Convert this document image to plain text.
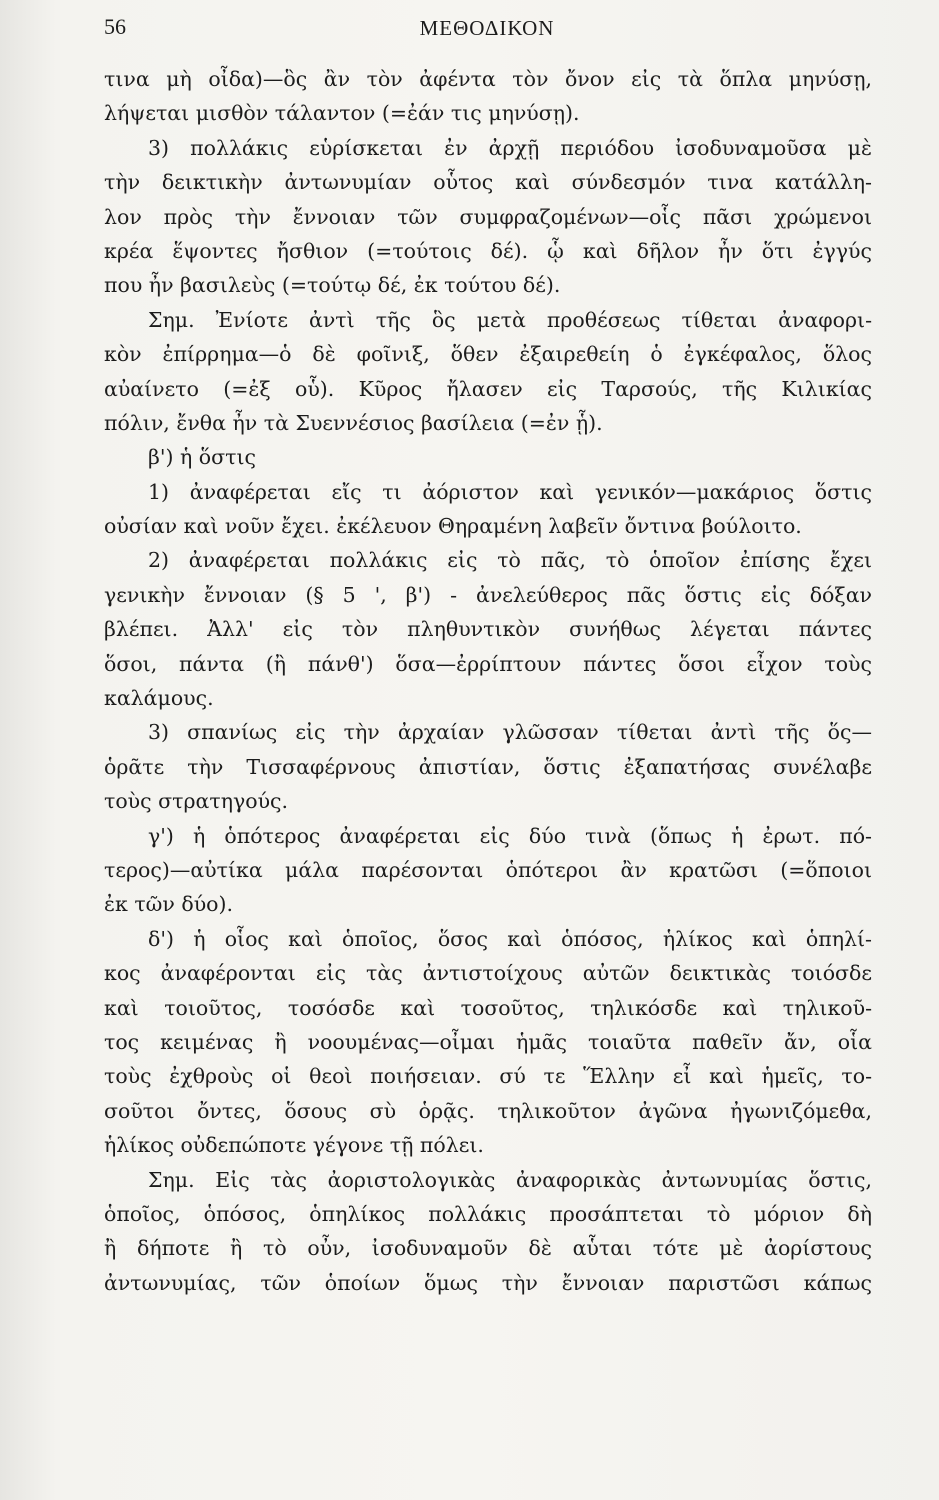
56	ΜΕΘΟΔΙΚΟΝ
τινα μὴ οἶδα)—ὃς ἂν τὸν ἀφέντα τὸν ὄνον εἰς τὰ ὅπλα μηνύσῃ,
λήψεται μισθὸν τάλαντον (=ἐάν τις μηνύσῃ).
3) πολλάκις εὑρίσκεται ἐν ἀρχῇ περιόδου ἰσοδυναμοῦσα μὲ
τὴν δεικτικὴν ἀντωνυμίαν οὗτος καὶ σύνδεσμόν τινα κατάλλη-
λον πρὸς τὴν ἔννοιαν τῶν συμφραζομένων—οἷς πᾶσι χρώμενοι
κρέα ἕψοντες ἤσθιον (=τούτοις δέ). ᾧ καὶ δῆλον ἦν ὅτι ἐγγύς
που ἦν βασιλεὺς (=τούτῳ δέ, ἐκ τούτου δέ).
Σημ. Ἐνίοτε ἀντὶ τῆς ὃς μετὰ προθέσεως τίθεται ἀναφορι-
κὸν ἐπίρρημα—ὁ δὲ φοῖνιξ, ὅθεν ἐξαιρεθείη ὁ ἐγκέφαλος, ὅλος
αὐαίνετο (=ἐξ οὗ). Κῦρος ἤλασεν εἰς Ταρσούς, τῆς Κιλικίας
πόλιν, ἔνθα ἦν τὰ Συεννέσιος βασίλεια (=ἐν ᾗ).
β') ἡ ὅστις
1) ἀναφέρεται εἴς τι ἀόριστον καὶ γενικόν—μακάριος ὅστις
οὐσίαν καὶ νοῦν ἔχει. ἐκέλευον Θηραμένη λαβεῖν ὄντινα βούλοιτο.
2) ἀναφέρεται πολλάκις εἰς τὸ πᾶς, τὸ ὁποῖον ἐπίσης ἔχει
γενικὴν ἔννοιαν (§ 5 ', β') - ἀνελεύθερος πᾶς ὅστις εἰς δόξαν
βλέπει. Ἀλλ' εἰς τὸν πληθυντικὸν συνήθως λέγεται πάντες
ὅσοι, πάντα (ἢ πάνθ') ὅσα—ἐρρίπτουν πάντες ὅσοι εἶχον τοὺς
καλάμους.
3) σπανίως εἰς τὴν ἀρχαίαν γλῶσσαν τίθεται ἀντὶ τῆς ὅς—
ὁρᾶτε τὴν Τισσαφέρνους ἀπιστίαν, ὅστις ἐξαπατήσας συνέλαβε
τοὺς στρατηγούς.
γ') ἡ ὁπότερος ἀναφέρεται εἰς δύο τινὰ (ὅπως ἡ ἐρωτ. πό-
τερος)—αὐτίκα μάλα παρέσονται ὁπότεροι ἂν κρατῶσι (=ὅποιοι
ἐκ τῶν δύο).
δ') ἡ οἷος καὶ ὁποῖος, ὅσος καὶ ὁπόσος, ἡλίκος καὶ ὁπηλί-
κος ἀναφέρονται εἰς τὰς ἀντιστοίχους αὐτῶν δεικτικὰς τοιόσδε
καὶ τοιοῦτος, τοσόσδε καὶ τοσοῦτος, τηλικόσδε καὶ τηλικοῦ-
τος κειμένας ἢ νοουμένας—οἶμαι ἡμᾶς τοιαῦτα παθεῖν ἄν, οἷα
τοὺς ἐχθροὺς οἱ θεοὶ ποιήσειαν. σύ τε Ἕλλην εἶ καὶ ἡμεῖς, το-
σοῦτοι ὄντες, ὅσους σὺ ὁρᾷς. τηλικοῦτον ἀγῶνα ἠγωνιζόμεθα,
ἡλίκος οὐδεπώποτε γέγονε τῇ πόλει.
Σημ. Εἰς τὰς ἀοριστολογικὰς ἀναφορικὰς ἀντωνυμίας ὅστις,
ὁποῖος, ὁπόσος, ὁπηλίκος πολλάκις προσάπτεται τὸ μόριον δὴ
ἢ δήποτε ἢ τὸ οὖν, ἰσοδυναμοῦν δὲ αὗται τότε μὲ ἀορίστους
ἀντωνυμίας, τῶν ὁποίων ὅμως τὴν ἔννοιαν παριστῶσι κάπως
